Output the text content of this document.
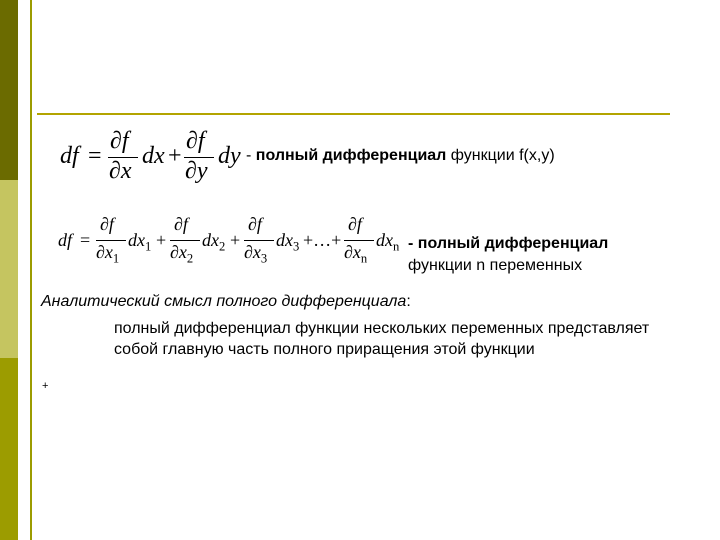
df =
∂f
∂x
dx +
∂f
∂y
dy - полный дифференциал функции f(x,y)
df =
∂f
$\partial x_1$
$dx_1$ +
∂f
$\partial x_2$
$dx_2$ +
∂f
$\partial x_3$
$dx_3$ +…+
∂f
$\partial x_n$
$dx_n$ - полный дифференциал
функции n переменных
Аналитический смысл полного дифференциала:
полный дифференциал функции нескольких переменных представляет собой главную часть полного приращения этой функции
+
